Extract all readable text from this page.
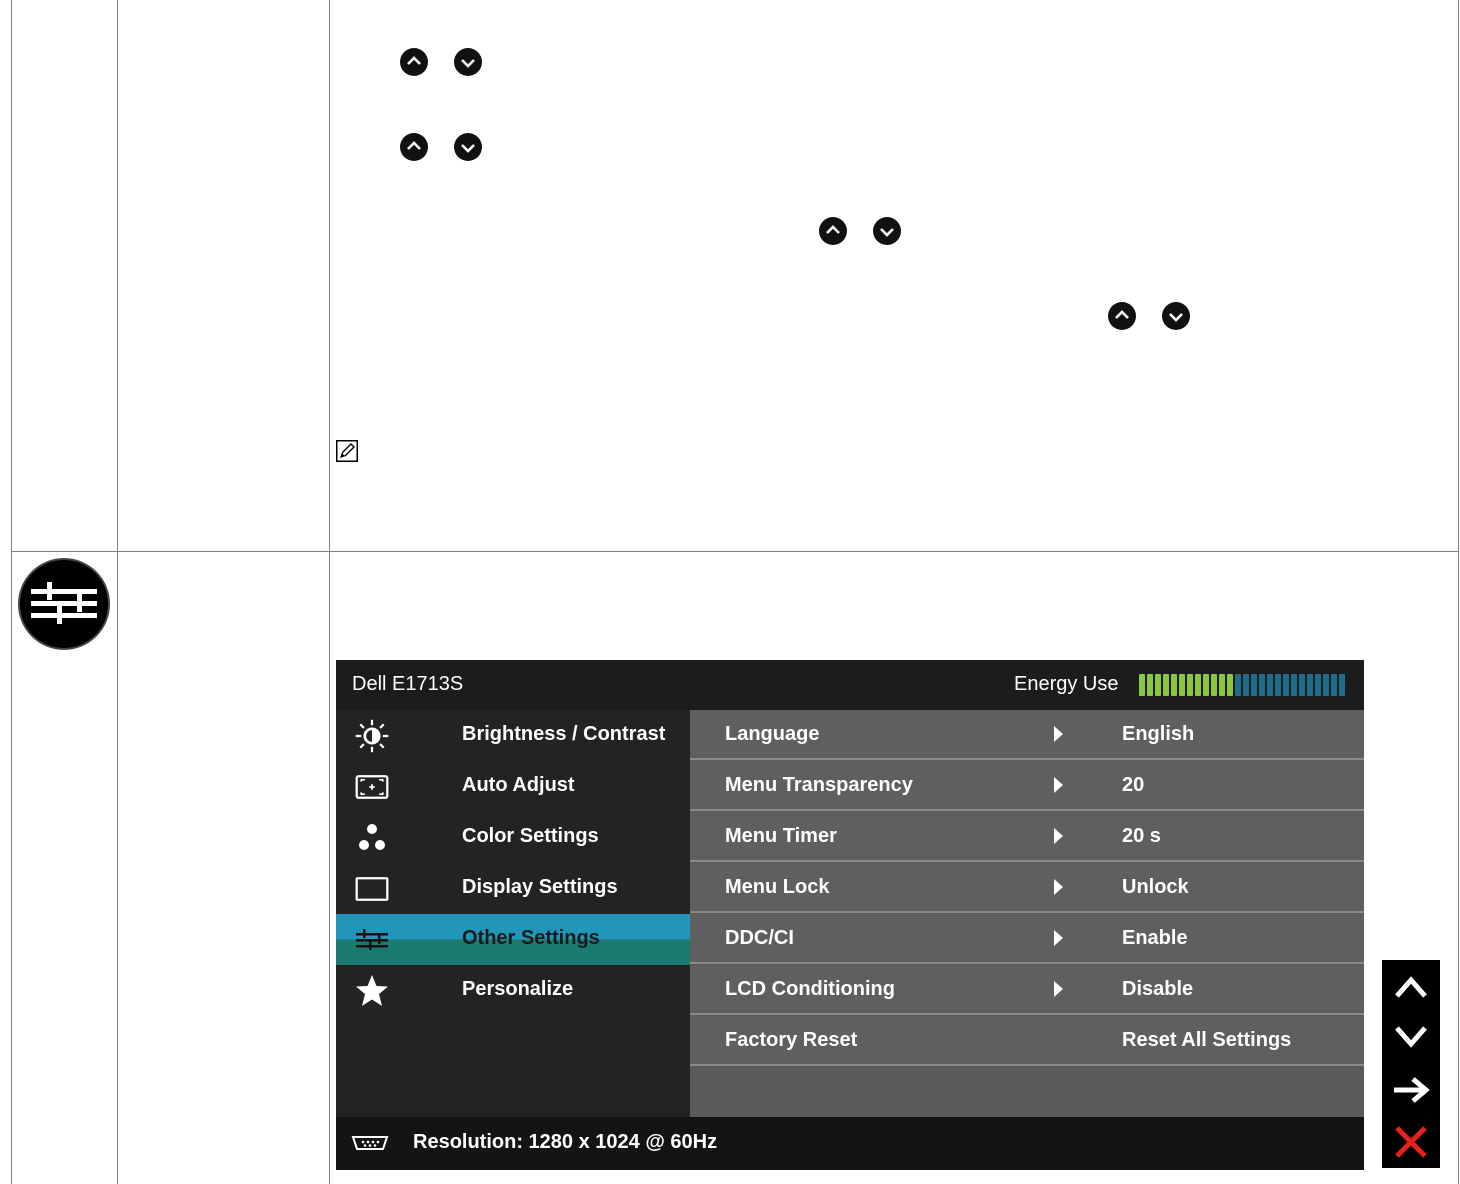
Dell E1713S	Energy Use
Brightness / Contrast
Auto Adjust
Color Settings
Display Settings
Other Settings
Personalize
Language	English
Menu Transparency	20
Menu Timer	20 s
Menu Lock	Unlock
DDC/CI	Enable
LCD Conditioning	Disable
Factory Reset	Reset All Settings
Resolution: 1280 x 1024 @ 60Hz
